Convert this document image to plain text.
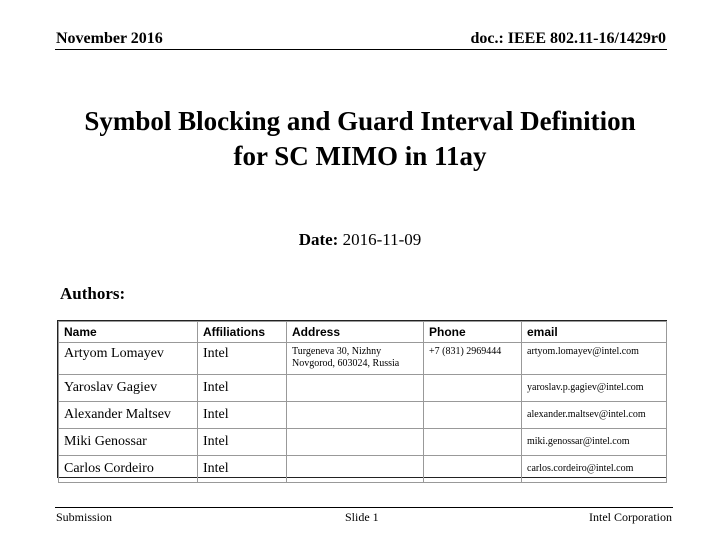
November 2016	doc.: IEEE 802.11-16/1429r0
Symbol Blocking and Guard Interval Definition
for SC MIMO in 11ay
Date: 2016-11-09
Authors:
Name	Affiliations	Address	Phone	email
Artyom Lomayev	Intel	Turgeneva 30, Nizhny Novgorod, 603024, Russia	+7 (831) 2969444	artyom.lomayev@intel.com
Yaroslav Gagiev	Intel			yaroslav.p.gagiev@intel.com
Alexander Maltsev	Intel			alexander.maltsev@intel.com
Miki Genossar	Intel			miki.genossar@intel.com
Carlos Cordeiro	Intel			carlos.cordeiro@intel.com
Submission	Slide 1	Intel Corporation
